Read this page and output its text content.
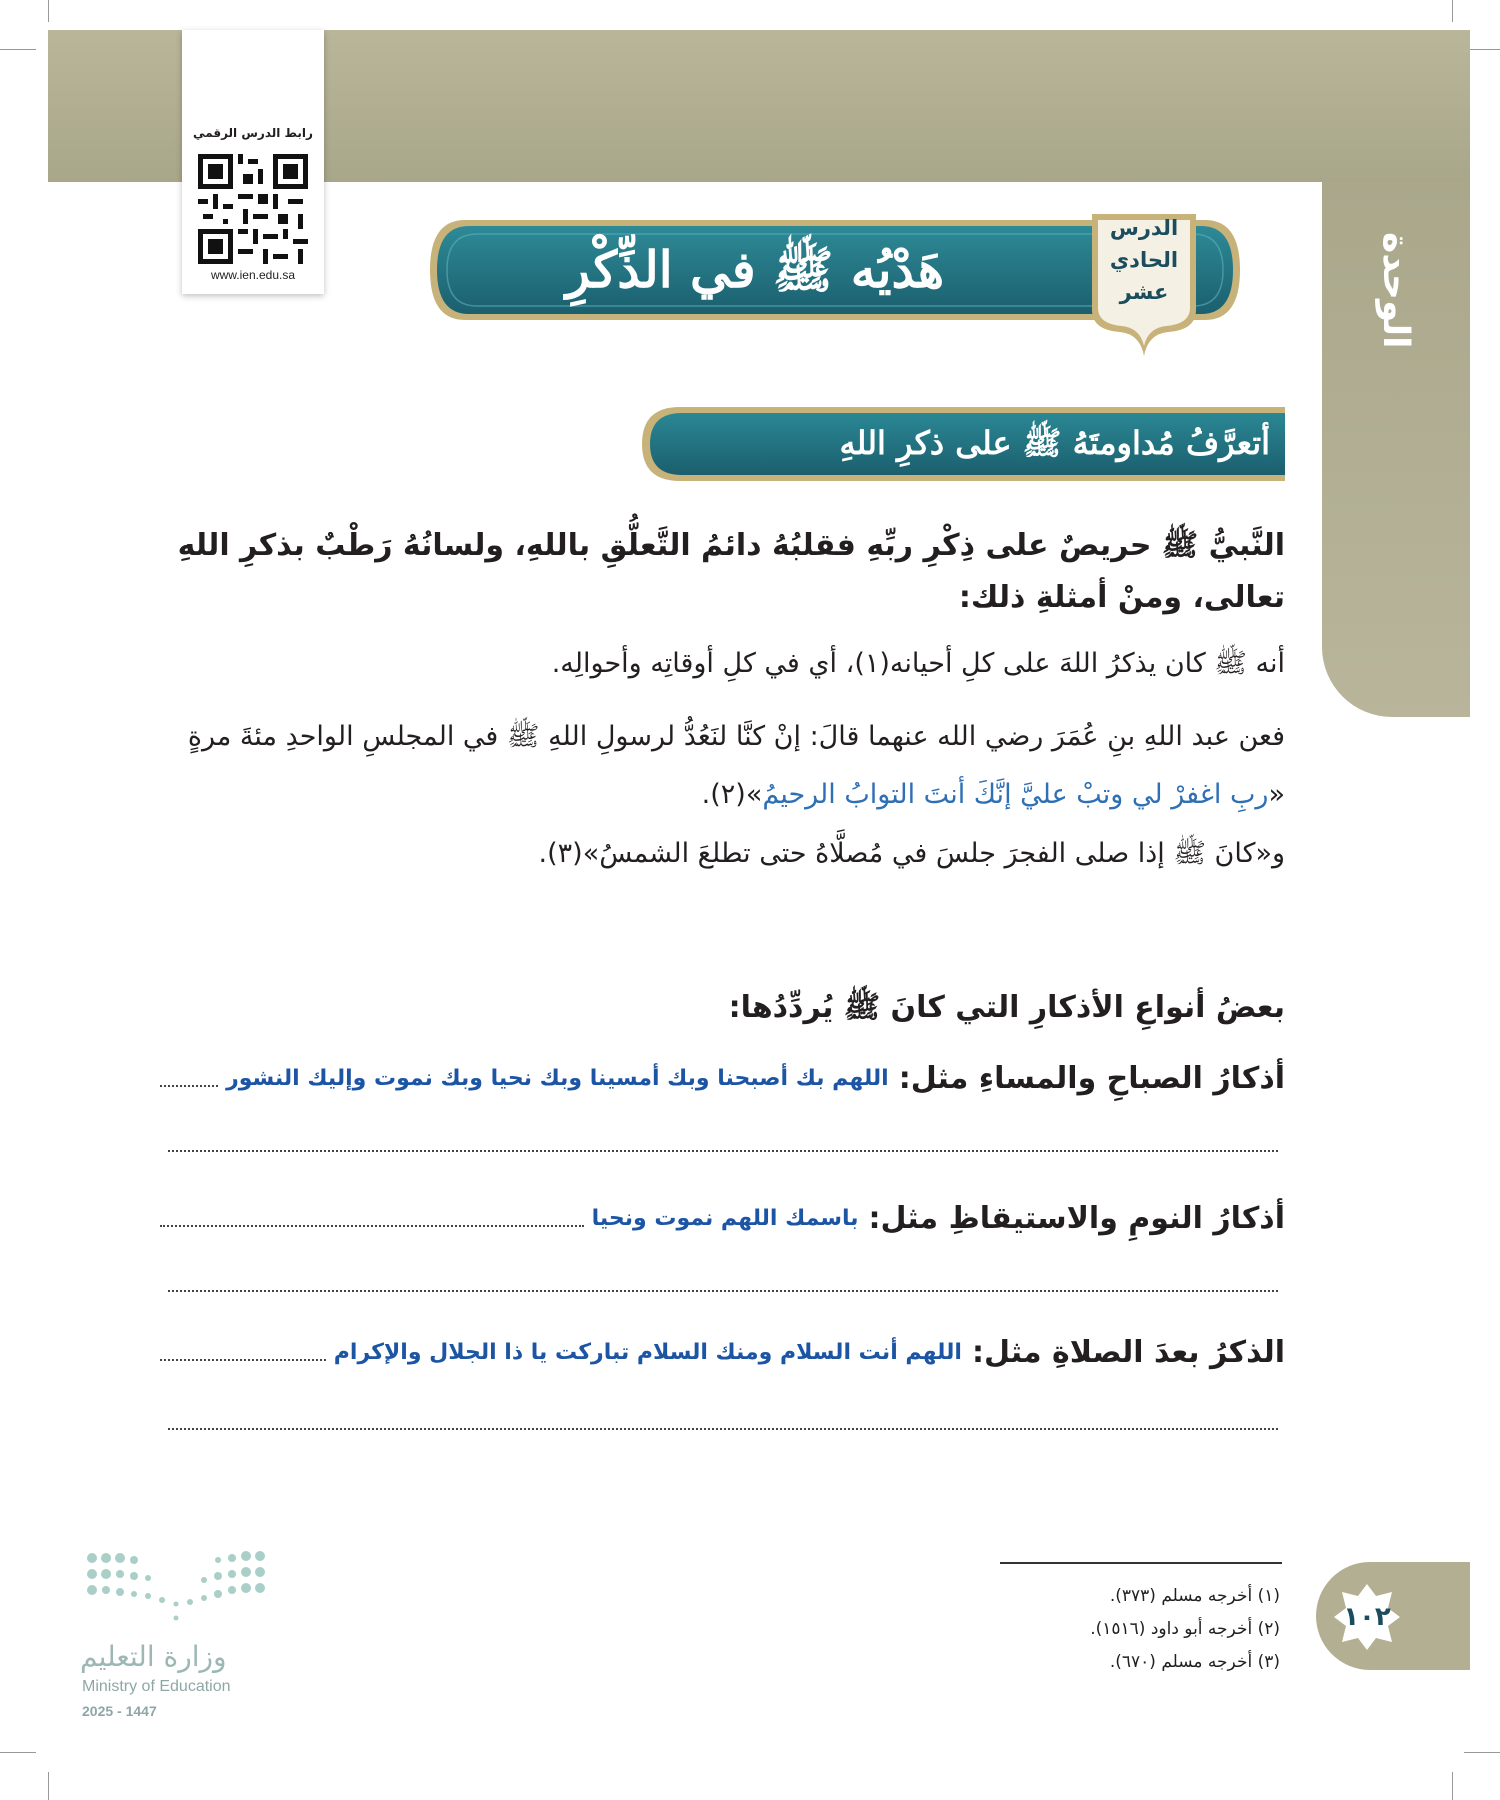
الوحدة الخامسة
رابط الدرس الرقمي
www.ien.edu.sa	هَدْيُه ﷺ في الذِّكْرِ
الدرس
الحادي
عشر
أتعرَّفُ مُداومتَهُ ﷺ على ذكرِ اللهِ
النَّبيُّ ﷺ حريصٌ على ذِكْرِ ربِّهِ فقلبُهُ دائمُ التَّعلُّقِ باللهِ، ولسانُهُ رَطْبٌ بذكرِ اللهِ تعالى، ومنْ أمثلةِ ذلك:
أنه ﷺ كان يذكرُ اللهَ على كلِ أحيانه(١)، أي في كلِ أوقاتِه وأحوالِه.
فعن عبد اللهِ بنِ عُمَرَ رضي الله عنهما قالَ: إنْ كنَّا لنَعُدُّ لرسولِ اللهِ ﷺ في المجلسِ الواحدِ مئةَ مرةٍ «ربِ اغفرْ لي وتبْ عليَّ إنَّكَ أنتَ التوابُ الرحيمُ»(٢).
و«كانَ ﷺ إذا صلى الفجرَ جلسَ في مُصلَّاهُ حتى تطلعَ الشمسُ»(٣).
بعضُ أنواعِ الأذكارِ التي كانَ ﷺ يُردِّدُها:
أذكارُ الصباحِ والمساءِ مثل:
اللهم بك أصبحنا وبك أمسينا وبك نحيا وبك نموت وإليك النشور
أذكارُ النومِ والاستيقاظِ مثل:
باسمك اللهم نموت ونحيا
الذكرُ بعدَ الصلاةِ مثل:
اللهم أنت السلام ومنك السلام تباركت يا ذا الجلال والإكرام
(١) أخرجه مسلم (٣٧٣).
(٢) أخرجه أبو داود (١٥١٦).
(٣) أخرجه مسلم (٦٧٠).
١٠٢
وزارة التعليم
Ministry of Education
2025 - 1447
